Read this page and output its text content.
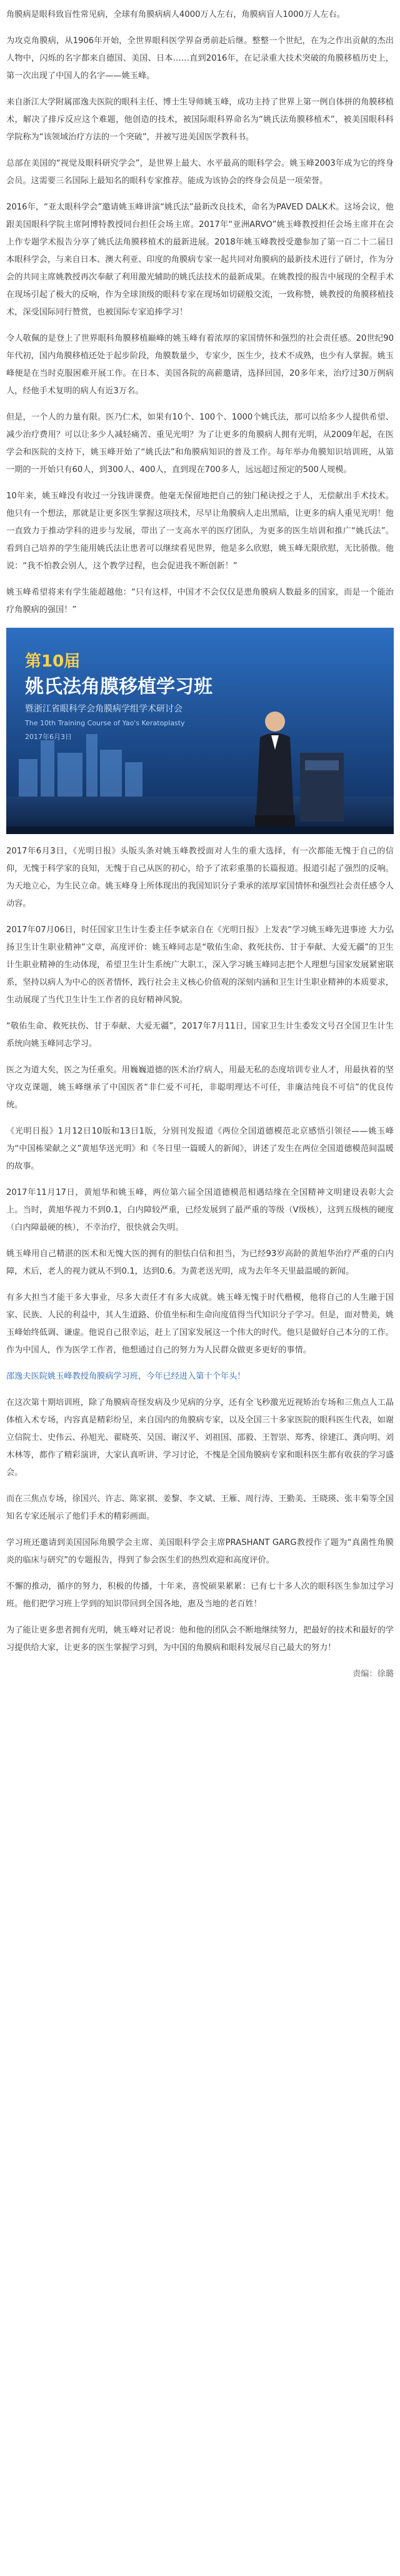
角膜病是眼科致盲性常见病，全球有角膜病病人4000万人左右，角膜病盲人1000万人左右。

为攻克角膜病，从1906年开始，全世界眼科医学界奋勇前赴后继。整整一个世纪，在为之作出贡献的杰出人物中，闪烁的名字都来自德国、美国、日本……直到2016年，在记录重大技术突破的角膜移植历史上，第一次出现了中国人的名字——姚玉峰。

来自浙江大学附属邵逸夫医院的眼科主任、博士生导师姚玉峰，成功主持了世界上第一例自体拼的角膜移植术，解决了排斥反应这个难题，他创造的技术，被国际眼科界命名为“姚氏法角膜移植术”，被美国眼科科学院称为“该领域治疗方法的一个突破”，并被写进美国医学教科书。

总部在美国的“视觉及眼科研究学会”，是世界上最大、水平最高的眼科学会。姚玉峰2003年成为它的终身会员。这需要三名国际上最知名的眼科专家推荐。能成为该协会的终身会员是一项荣誉。

2016年，“亚太眼科学会”邀请姚玉峰讲演“姚氏法”最新改良技术，命名为PAVED DALK术。这场会议，他跟美国眼科学院主席阿博特教授同台担任会场主席。2017年“亚洲ARVO”姚玉峰教授担任会场主席并在会上作专题学术报告分享了姚氏法角膜移植术的最新进展。2018年姚玉峰教授受邀参加了第一百二十二届日本眼科学会，与来自日本、澳大利亚、印度的角膜病专家一起共同对角膜病的最新技术进行了研讨，作为分会的共同主席姚教授再次奉献了利用激光辅助的姚氏法技术的最新成果。在姚教授的报告中展现的全程手术在现场引起了极大的反响，作为全球顶级的眼科专家在现场如切磋般交流，一致称赞，姚教授的角膜移植技术，深受国际同行赞赏，也被国际专家追捧学习！

令人敬佩的是登上了世界眼科角膜移植巅峰的姚玉峰有着浓厚的家国情怀和强烈的社会责任感。20世纪90年代初，国内角膜移植还处于起步阶段，角膜数量少，专家少，医生少，技术不成熟，也少有人掌握。姚玉峰便是在当时克服困难开展工作。在日本、美国各院的高薪邀请，选择回国，20多年来，治疗过30万例病人，经他手术复明的病人有近3万名。

但是，一个人的力量有限。医乃仁术，如果有10个、100个、1000个姚氏法，那可以给多少人提供希望、减少治疗费用？可以让多少人减轻痛苦、重见光明？为了让更多的角膜病人拥有光明，从2009年起，在医学会和医院的支持下，姚玉峰开始了“姚氏法”和角膜病知识的普及工作。每年举办角膜知识培训班，从第一期的一开始只有60人，到300人、400人，直到现在700多人，远远超过预定的500人规模。

10年来，姚玉峰没有收过一分钱讲课费。他毫无保留地把自己的独门秘诀授之于人，无偿献出手术技术。他只有一个想法，那就是让更多医生掌握这项技术，尽早让角膜病人走出黑暗，让更多的病人重见光明！他一直致力于推动学科的进步与发展，带出了一支高水平的医疗团队，为更多的医生培训和推广“姚氏法”。看到自己培养的学生能用姚氏法让患者可以继续看见世界，他是多么欣慰，姚玉峰无限欣慰，无比骄傲。他说：“我不怕教会别人，这个教学过程，也会促进我不断创新！”

姚玉峰希望将来有学生能超越他：“只有这样，中国才不会仅仅是患角膜病人数最多的国家，而是一个能治疗角膜病的强国！”

第10届
姚氏法角膜移植学习班
暨浙江省眼科学会角膜病学组学术研讨会
The 10th Training Course of Yao's Keratoplasty
2017年6月3日

2017年6月3日，《光明日报》头版头条对姚玉峰教授面对人生的重大选择，有一次都能无愧于自己的信仰，无愧于科学家的良知，无愧于自己从医的初心，给予了浓彩重墨的长篇报道。报道引起了强烈的反响。为天地立心，为生民立命。姚玉峰身上所体现出的我国知识分子秉承的浓厚家国情怀和强烈社会责任感令人动容。

2017年07月06日，时任国家卫生计生委主任李斌亲自在《光明日报》上发表“学习姚玉峰先进事迹 大力弘扬卫生计生职业精神”文章，高度评价：姚玉峰同志是“敬佑生命、救死扶伤、甘于奉献、大爱无疆”的卫生计生职业精神的生动体现，希望卫生计生系统广大职工，深入学习姚玉峰同志把个人理想与国家发展紧密联系，坚持以病人为中心的医者情怀，践行社会主义核心价值观的深刻内涵和卫生计生职业精神的本质要求，生动展现了当代卫生计生工作者的良好精神风貌。

“敬佑生命、救死扶伤、甘于奉献、大爱无疆”，2017年7月11日，国家卫生计生委发文号召全国卫生计生系统向姚玉峰同志学习。

医之为道大矣，医之为任重矣。用巍巍道德的医术治疗病人，用最无私的态度培训专业人才，用最执着的坚守攻克课题，姚玉峰继承了中国医者“非仁爱不可托，非聪明理达不可任，非廉洁纯良不可信”的优良传统。

《光明日报》1月12日10版和13日1版，分别刊发报道《两位全国道德模范北京感悟引领径——姚玉峰为“中国栋梁献之义”黄旭华送光明》和《冬日里一篇暖人的新闻》，讲述了发生在两位全国道德模范间温暖的故事。

2017年11月17日，黄旭华和姚玉峰，两位第六届全国道德模范相遇结缘在全国精神文明建设表彰大会上。当时，黄旭华视力不到0.1，白内障较严重，已经发展到了最严重的等级（V级核），这到五级核的硬度（白内障最硬的核），不幸治疗，很快就会失明。

姚玉峰用自己精湛的医术和无愧大医的拥有的胆怯白信和担当，为已经93岁高龄的黄旭华治疗严重的白内障，术后，老人的视力就从不到0.1，达到0.6。为黄老送光明，成为去年冬天里最温暖的新闻。

有多大担当才能干多大事业，尽多大责任才有多大成就。姚玉峰无愧于时代楷模，他将自己的人生融于国家、民族、人民的利益中，其人生道路、价值坐标和生命向度值得当代知识分子学习。但是，面对赞美，姚玉峰始终低调、谦虚。他说自己很幸运，赶上了国家发展这一个伟大的时代。他只是做好自己本分的工作。作为中国人，作为医学工作者，他想通过自己的努力为人民群众做更多更好的事情。

邵逸夫医院姚玉峰教授角膜病学习班，今年已经进入第十个年头！

在这次第十期培训班，除了角膜病奇怪发病及少见病的分享，还有全飞秒激光近视矫治专场和三焦点人工晶体植入术专场，内容真是精彩纷呈，来自国内的角膜病专家，以及全国三十多家医院的眼科医生代表，如谢立信院士、史伟云、孙旭光、翟晓英、吴国、谢汉平、刘祖国、邵毅、王智崇、郑秀、徐建江、龚向明、刘木林等，都作了精彩演讲，大家认真听讲、学习讨论，不愧是全国角膜病专家和眼科医生都有收获的学习盛会。

而在三焦点专场，徐国兴、许志、陈家祺、姜黎、李文斌、王雁、周行涛、王勤美、王晓瑛、张丰菊等全国知名专家还展示了他们手术的精彩画面。

学习班还邀请到美国国际角膜学会主席、美国眼科学会主席PRASHANT GARG教授作了题为“真菌性角膜炎的临床与研究”的专题报告，得到了参会医生们的热烈欢迎和高度评价。

不懈的推动，循序的努力，积极的传播，十年来，喜悦硕果累累：已有七十多人次的眼科医生参加过学习班。他们把学习班上学到的知识带回到全国各地，惠及当地的老百姓！

为了能让更多患者拥有光明，姚玉峰对记者说：他和他的团队会不断地继续努力，把最好的技术和最好的学习提供给大家，让更多的医生掌握学习到，为中国的角膜病和眼科发展尽自己最大的努力！

责编：徐璐
